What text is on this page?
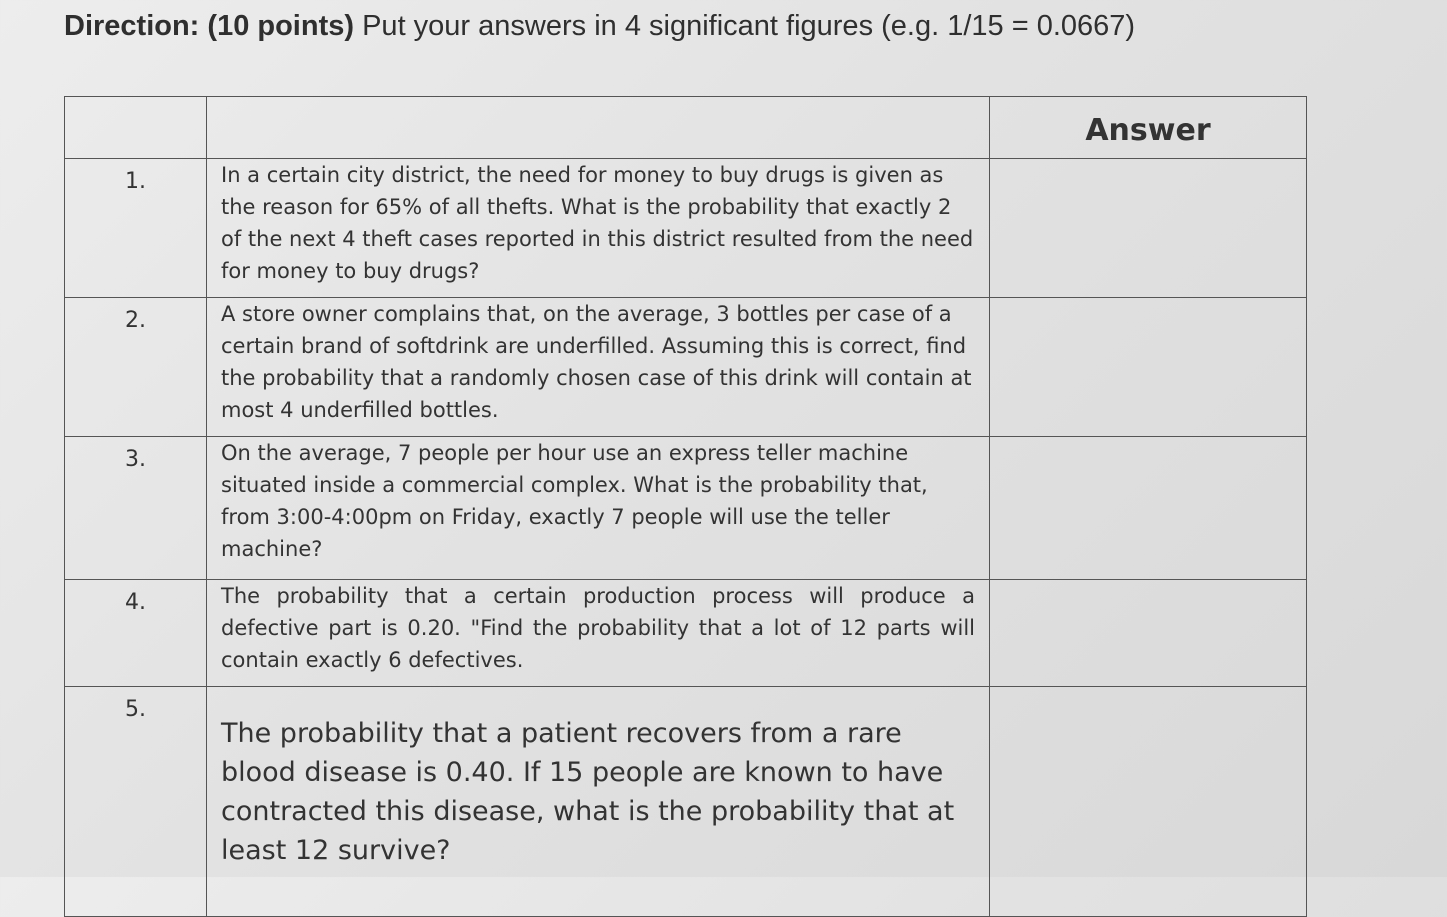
Direction: (10 points) Put your answers in 4 significant figures (e.g. 1/15 = 0.0667)
		Answer
1.	In a certain city district, the need for money to buy drugs is given as the reason for 65% of all thefts. What is the probability that exactly 2 of the next 4 theft cases reported in this district resulted from the need for money to buy drugs?	
2.	A store owner complains that, on the average, 3 bottles per case of a certain brand of softdrink are underfilled. Assuming this is correct, find the probability that a randomly chosen case of this drink will contain at most 4 underfilled bottles.	
3.	On the average, 7 people per hour use an express teller machine situated inside a commercial complex. What is the probability that, from 3:00-4:00pm on Friday, exactly 7 people will use the teller machine?	
4.	The probability that a certain production process will produce a defective part is 0.20. "Find the probability that a lot of 12 parts will contain exactly 6 defectives.	
5.	The probability that a patient recovers from a rare blood disease is 0.40. If 15 people are known to have contracted this disease, what is the probability that at least 12 survive?	
